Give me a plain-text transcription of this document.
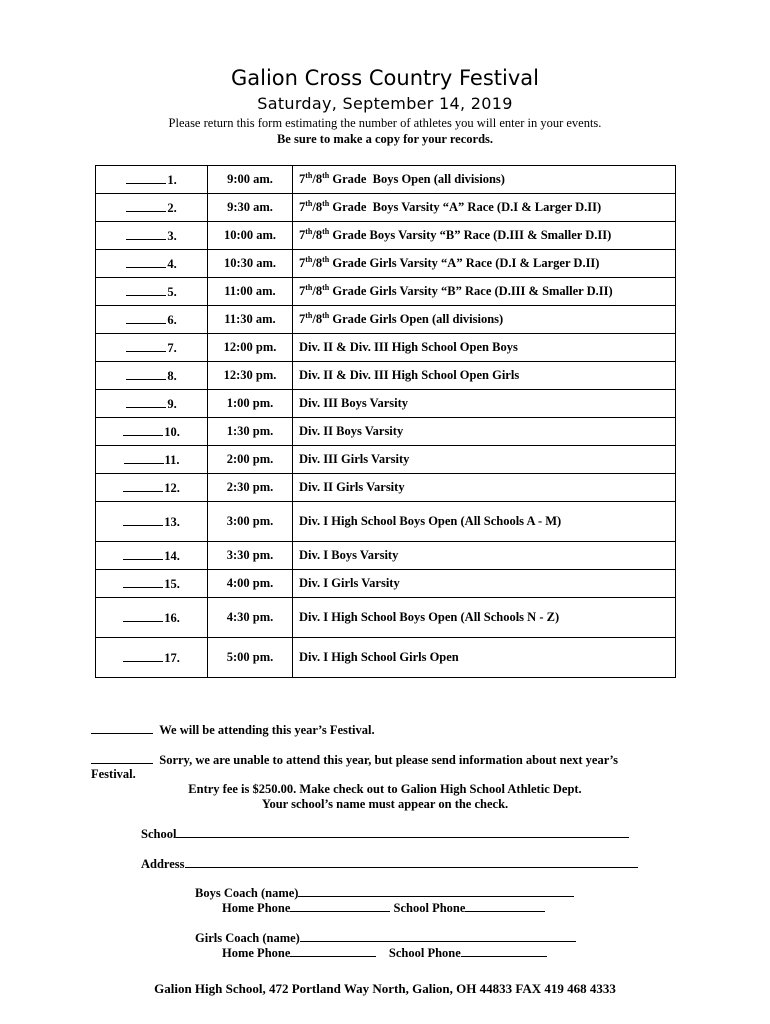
Galion Cross Country Festival
Saturday, September 14, 2019
Please return this form estimating the number of athletes you will enter in your events.
Be sure to make a copy for your records.
1.	9:00 am.	7th/8th Grade  Boys Open (all divisions)
2.	9:30 am.	7th/8th Grade  Boys Varsity “A” Race (D.I & Larger D.II)
3.	10:00 am.	7th/8th Grade Boys Varsity “B” Race (D.III & Smaller D.II)
4.	10:30 am.	7th/8th Grade Girls Varsity “A” Race (D.I & Larger D.II)
5.	11:00 am.	7th/8th Grade Girls Varsity “B” Race (D.III & Smaller D.II)
6.	11:30 am.	7th/8th Grade Girls Open (all divisions)
7.	12:00 pm.	Div. II & Div. III High School Open Boys
8.	12:30 pm.	Div. II & Div. III High School Open Girls
9.	1:00 pm.	Div. III Boys Varsity
10.	1:30 pm.	Div. II Boys Varsity
11.	2:00 pm.	Div. III Girls Varsity
12.	2:30 pm.	Div. II Girls Varsity
13.	3:00 pm.	Div. I High School Boys Open (All Schools A - M)
14.	3:30 pm.	Div. I Boys Varsity
15.	4:00 pm.	Div. I Girls Varsity
16.	4:30 pm.	Div. I High School Boys Open (All Schools N - Z)
17.	5:00 pm.	Div. I High School Girls Open
We will be attending this year’s Festival.
Sorry, we are unable to attend this year, but please send information about next year’s
Festival.
Entry fee is $250.00. Make check out to Galion High School Athletic Dept.
Your school’s name must appear on the check.
School
Address
Boys Coach (name)
Home Phone	School Phone
Girls Coach (name)
Home Phone	School Phone
Galion High School, 472 Portland Way North, Galion, OH 44833 FAX 419 468 4333
